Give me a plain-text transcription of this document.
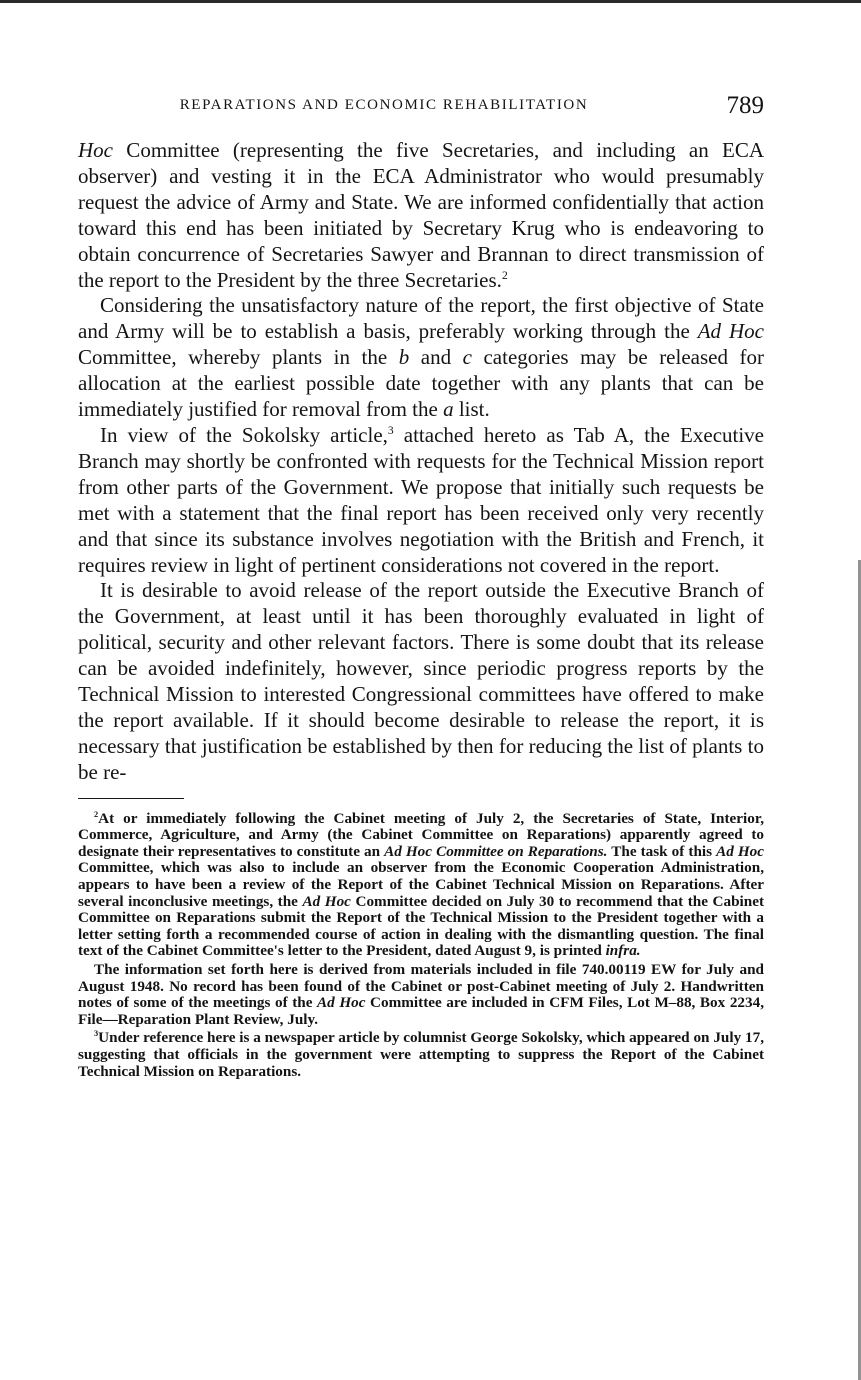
REPARATIONS AND ECONOMIC REHABILITATION	789

Hoc Committee (representing the five Secretaries, and including an ECA observer) and vesting it in the ECA Administrator who would presumably request the advice of Army and State. We are informed confidentially that action toward this end has been initiated by Secretary Krug who is endeavoring to obtain concurrence of Secretaries Sawyer and Brannan to direct transmission of the report to the President by the three Secretaries.$^2$

Considering the unsatisfactory nature of the report, the first objective of State and Army will be to establish a basis, preferably working through the Ad Hoc Committee, whereby plants in the b and c categories may be released for allocation at the earliest possible date together with any plants that can be immediately justified for removal from the a list.

In view of the Sokolsky article,$^3$ attached hereto as Tab A, the Executive Branch may shortly be confronted with requests for the Technical Mission report from other parts of the Government. We propose that initially such requests be met with a statement that the final report has been received only very recently and that since its substance involves negotiation with the British and French, it requires review in light of pertinent considerations not covered in the report.

It is desirable to avoid release of the report outside the Executive Branch of the Government, at least until it has been thoroughly evaluated in light of political, security and other relevant factors. There is some doubt that its release can be avoided indefinitely, however, since periodic progress reports by the Technical Mission to interested Congressional committees have offered to make the report available. If it should become desirable to release the report, it is necessary that justification be established by then for reducing the list of plants to be re-

$^2$At or immediately following the Cabinet meeting of July 2, the Secretaries of State, Interior, Commerce, Agriculture, and Army (the Cabinet Committee on Reparations) apparently agreed to designate their representatives to constitute an Ad Hoc Committee on Reparations. The task of this Ad Hoc Committee, which was also to include an observer from the Economic Cooperation Administration, appears to have been a review of the Report of the Cabinet Technical Mission on Reparations. After several inconclusive meetings, the Ad Hoc Committee decided on July 30 to recommend that the Cabinet Committee on Reparations submit the Report of the Technical Mission to the President together with a letter setting forth a recommended course of action in dealing with the dismantling question. The final text of the Cabinet Committee's letter to the President, dated August 9, is printed infra.

The information set forth here is derived from materials included in file 740.00119 EW for July and August 1948. No record has been found of the Cabinet or post-Cabinet meeting of July 2. Handwritten notes of some of the meetings of the Ad Hoc Committee are included in CFM Files, Lot M–88, Box 2234, File—Reparation Plant Review, July.

$^3$Under reference here is a newspaper article by columnist George Sokolsky, which appeared on July 17, suggesting that officials in the government were attempting to suppress the Report of the Cabinet Technical Mission on Reparations.
